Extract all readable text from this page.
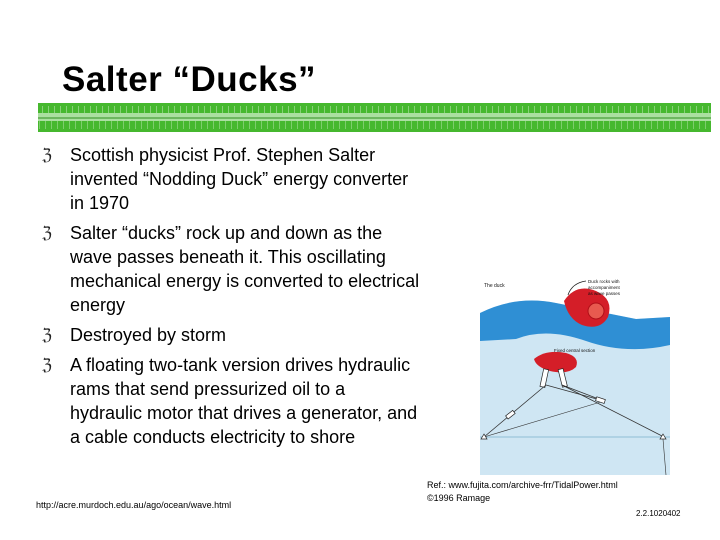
Salter “Ducks”
ℨ	Scottish physicist Prof. Stephen Salter invented “Nodding Duck” energy converter in 1970
ℨ	Salter “ducks” rock up and down as the wave passes beneath it. This oscillating mechanical energy is converted to electrical energy
ℨ	Destroyed by storm
ℨ	A floating two-tank version drives hydraulic rams that send pressurized oil to a hydraulic motor that drives a generator, and a cable conducts electricity to shore
The duck
Duck rocks with
accompaniment
as wave passes
Fixed central section
http://acre.murdoch.edu.au/ago/ocean/wave.html
Ref.: www.fujita.com/archive-frr/TidalPower.html
©1996 Ramage
2.2.1020402
